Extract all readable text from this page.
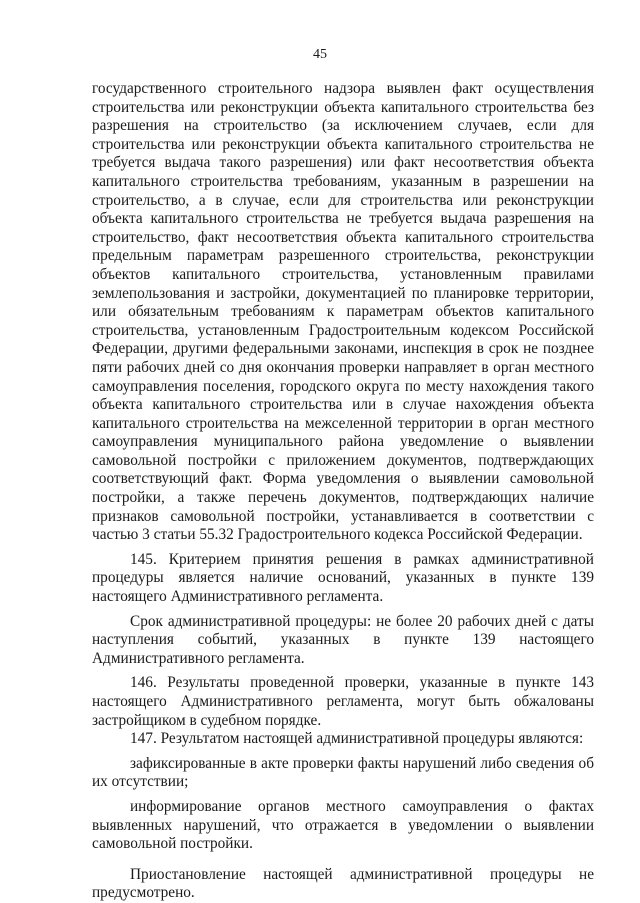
45

государственного строительного надзора выявлен факт осуществления строительства или реконструкции объекта капитального строительства без разрешения на строительство (за исключением случаев, если для строительства или реконструкции объекта капитального строительства не требуется выдача такого разрешения) или факт несоответствия объекта капитального строительства требованиям, указанным в разрешении на строительство, а в случае, если для строительства или реконструкции объекта капитального строительства не требуется выдача разрешения на строительство, факт несоответствия объекта капитального строительства предельным параметрам разрешенного строительства, реконструкции объектов капитального строительства, установленным правилами землепользования и застройки, документацией по планировке территории, или обязательным требованиям к параметрам объектов капитального строительства, установленным Градостроительным кодексом Российской Федерации, другими федеральными законами, инспекция в срок не позднее пяти рабочих дней со дня окончания проверки направляет в орган местного самоуправления поселения, городского округа по месту нахождения такого объекта капитального строительства или в случае нахождения объекта капитального строительства на межселенной территории в орган местного самоуправления муниципального района уведомление о выявлении самовольной постройки с приложением документов, подтверждающих соответствующий факт. Форма уведомления о выявлении самовольной постройки, а также перечень документов, подтверждающих наличие признаков самовольной постройки, устанавливается в соответствии с частью 3 статьи 55.32 Градостроительного кодекса Российской Федерации.

145. Критерием принятия решения в рамках административной процедуры является наличие оснований, указанных в пункте 139 настоящего Административного регламента.

Срок административной процедуры: не более 20 рабочих дней с даты наступления событий, указанных в пункте 139 настоящего Административного регламента.

146. Результаты проведенной проверки, указанные в пункте 143 настоящего Административного регламента, могут быть обжалованы застройщиком в судебном порядке.

147. Результатом настоящей административной процедуры являются:

зафиксированные в акте проверки факты нарушений либо сведения об их отсутствии;

информирование органов местного самоуправления о фактах выявленных нарушений, что отражается в уведомлении о выявлении самовольной постройки.

Приостановление настоящей административной процедуры не предусмотрено.
